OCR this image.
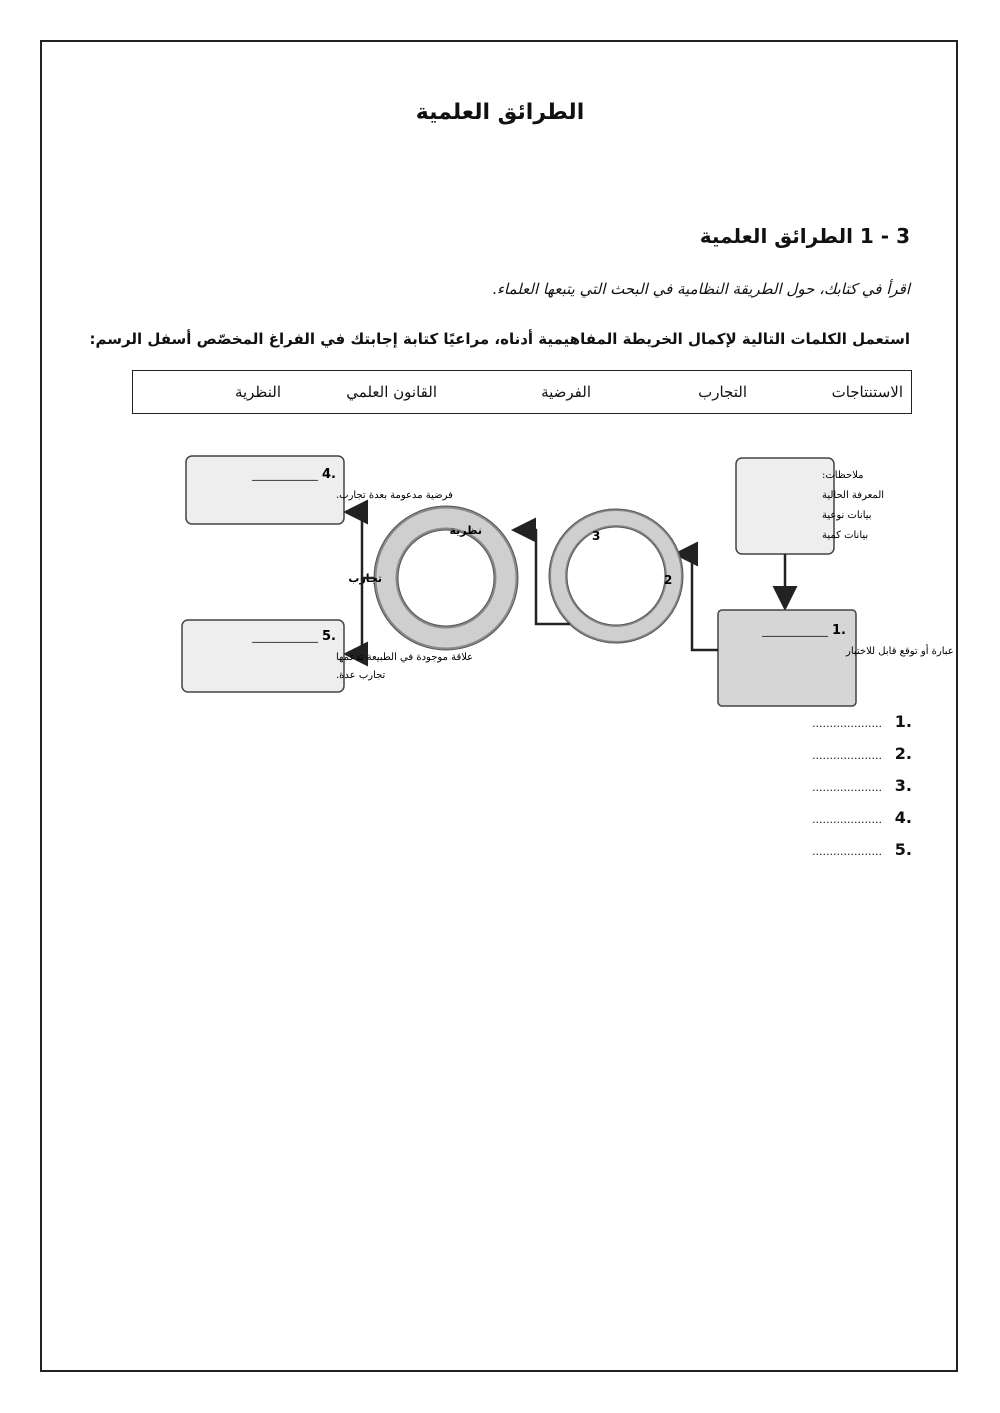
الطرائق العلمية
3 - 1 الطرائق العلمية
اقرأ في كتابك، حول الطريقة النظامية في البحث التي يتبعها العلماء.
استعمل الكلمات التالية لإكمال الخريطة المفاهيمية أدناه، مراعيًا كتابة إجابتك في الفراغ المخصّص أسفل الرسم:
الاستنتاجات
التجارب
الفرضية
القانون العلمي
النظرية
ملاحظات:
المعرفة الحالية
بيانات نوعية
بيانات كمية
1.
____________
عبارة أو توقع قابل للاختبار
3
2
نظرية
تجارب
4.
____________
فرضية مدعومة بعدة تجارب.
5.
____________
علاقة موجودة في الطبيعة تدعمها
تجارب عدة.
.1
....................
.2
....................
.3
....................
.4
....................
.5
....................
